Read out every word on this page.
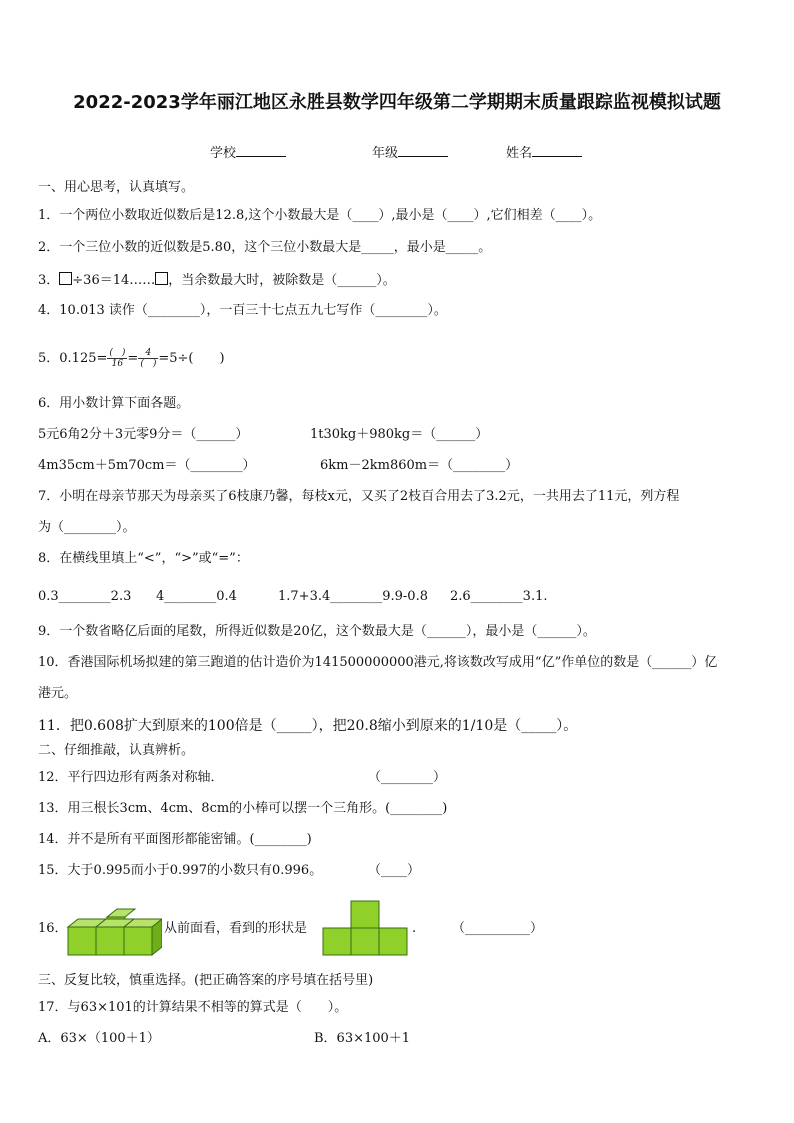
2022-2023学年丽江地区永胜县数学四年级第二学期期末质量跟踪监视模拟试题
学校	年级	姓名
一、用心思考，认真填写。
1．一个两位小数取近似数后是12.8,这个小数最大是（____）,最小是（____）,它们相差（____）。
2．一个三位小数的近似数是5.80，这个三位小数最大是_____，最小是_____。
3． ÷36＝14…… ，当余数最大时，被除数是（______）。
4．10.013 读作（________），一百三十七点五九七写作（________）。
5．$0.125= \frac{( )}{16} = \frac{4}{( )} =5\div$(　　)
6．用小数计算下面各题。
5元6角2分＋3元零9分＝（______）	1t30kg＋980kg＝（______）
4m35cm＋5m70cm＝（________）	6km－2km860m＝（________）
7．小明在母亲节那天为母亲买了6枝康乃馨，每枝x元，又买了2枝百合用去了3.2元，一共用去了11元，列方程
为（________）。
8．在横线里填上“<”，“>”或“=”：
0.3________2.3 4________0.4	1.7+3.4________9.9-0.8 2.6________3.1.
9．一个数省略亿后面的尾数，所得近似数是20亿，这个数最大是（______），最小是（______）。
10．香港国际机场拟建的第三跑道的估计造价为141500000000港元,将该数改写成用“亿”作单位的数是（______）亿
港元。
11．把0.608扩大到原来的100倍是（_____），把20.8缩小到原来的1/10是（_____）。
二、仔细推敲，认真辨析。
12．平行四边形有两条对称轴．	（________）
13．用三根长3cm、4cm、8cm的小棒可以摆一个三角形。(________)
14．并不是所有平面图形都能密铺。(________)
15．大于0.995而小于0.997的小数只有0.996。	（____）
16．	从前面看，看到的形状是	.	（__________）
三、反复比较，慎重选择。(把正确答案的序号填在括号里)
17．与63×101的计算结果不相等的算式是（　　）。
A．63×（100＋1）	B．63×100＋1
